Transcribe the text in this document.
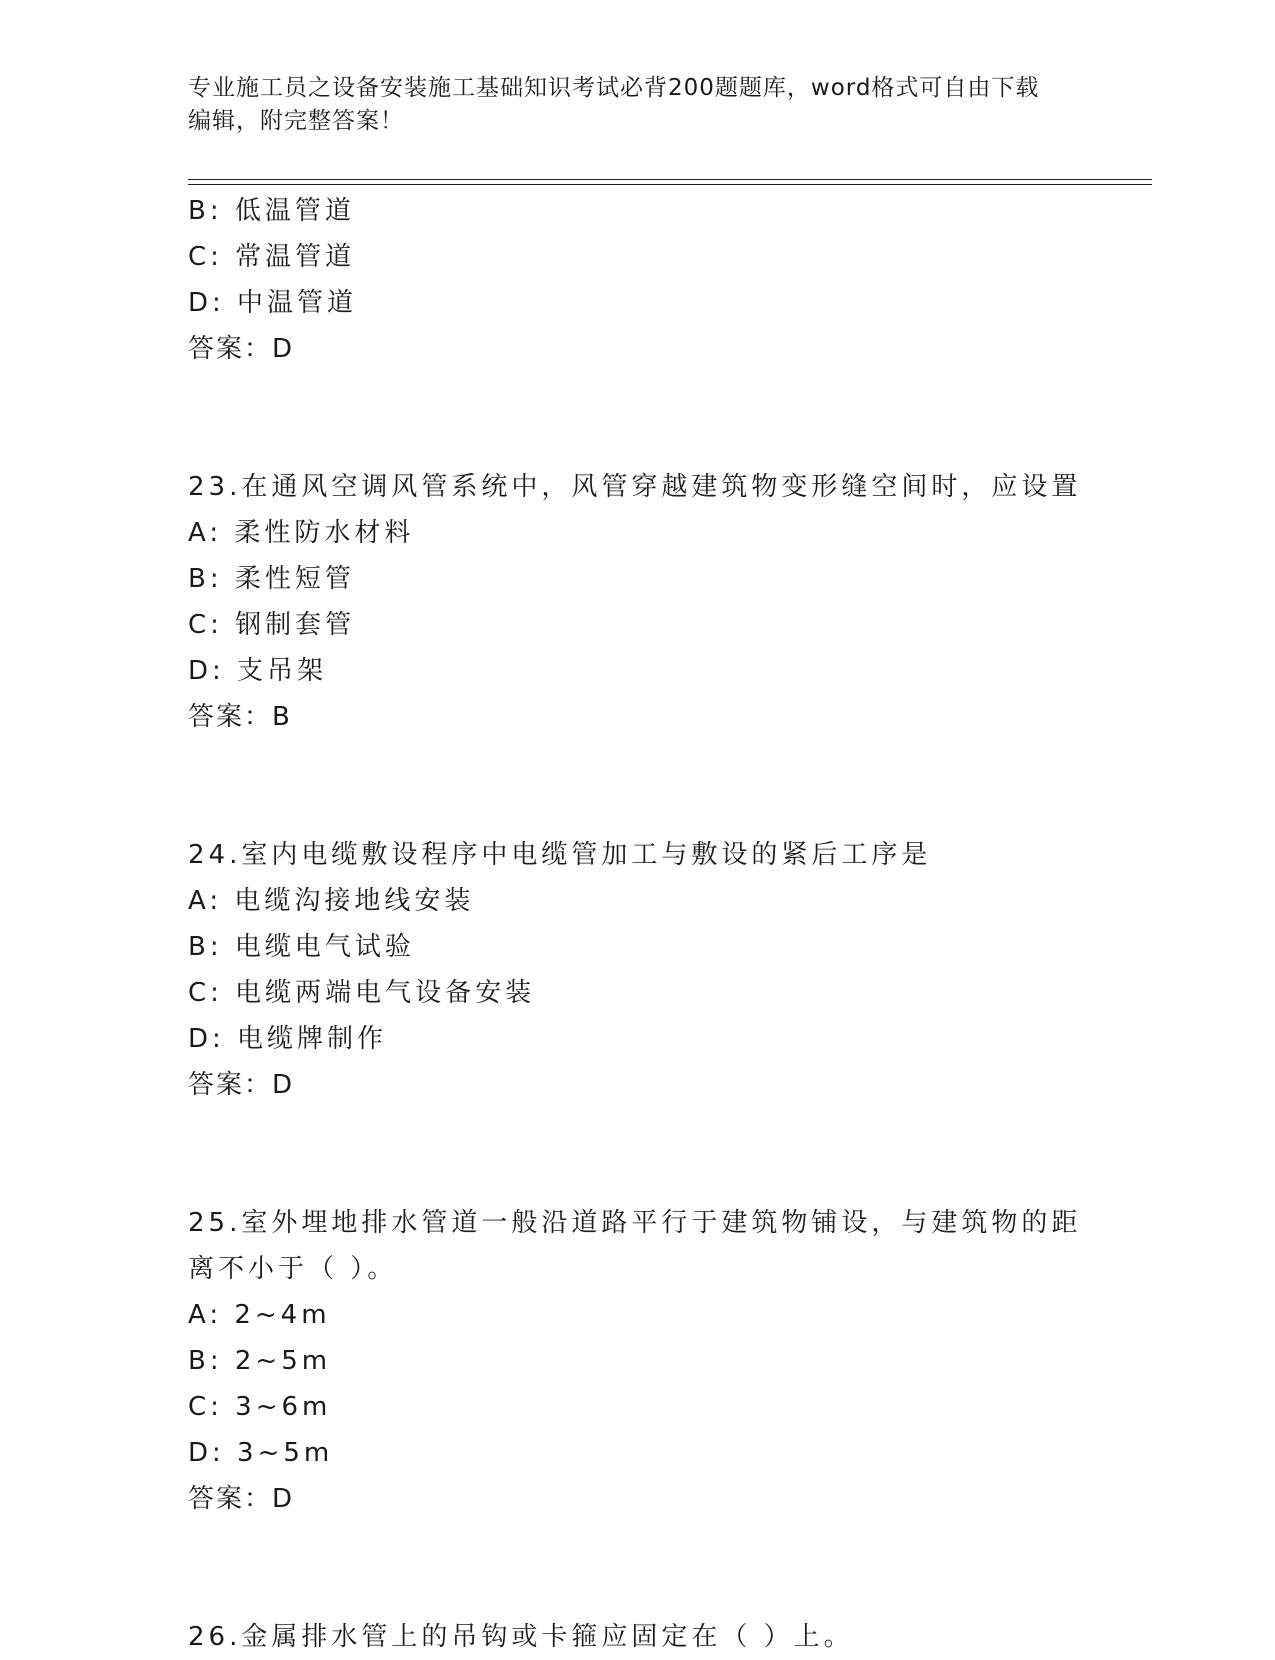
专业施工员之设备安装施工基础知识考试必背200题题库，word格式可自由下载
编辑，附完整答案！
B: 低温管道
C: 常温管道
D: 中温管道
答案：D
23.在通风空调风管系统中，风管穿越建筑物变形缝空间时，应设置
A: 柔性防水材料
B: 柔性短管
C: 钢制套管
D: 支吊架
答案：B
24.室内电缆敷设程序中电缆管加工与敷设的紧后工序是
A: 电缆沟接地线安装
B: 电缆电气试验
C: 电缆两端电气设备安装
D: 电缆牌制作
答案：D
25.室外埋地排水管道一般沿道路平行于建筑物铺设，与建筑物的距离不小于（ ）。
A: 2~4m
B: 2~5m
C: 3~6m
D: 3~5m
答案：D
26.金属排水管上的吊钩或卡箍应固定在（ ）上。
